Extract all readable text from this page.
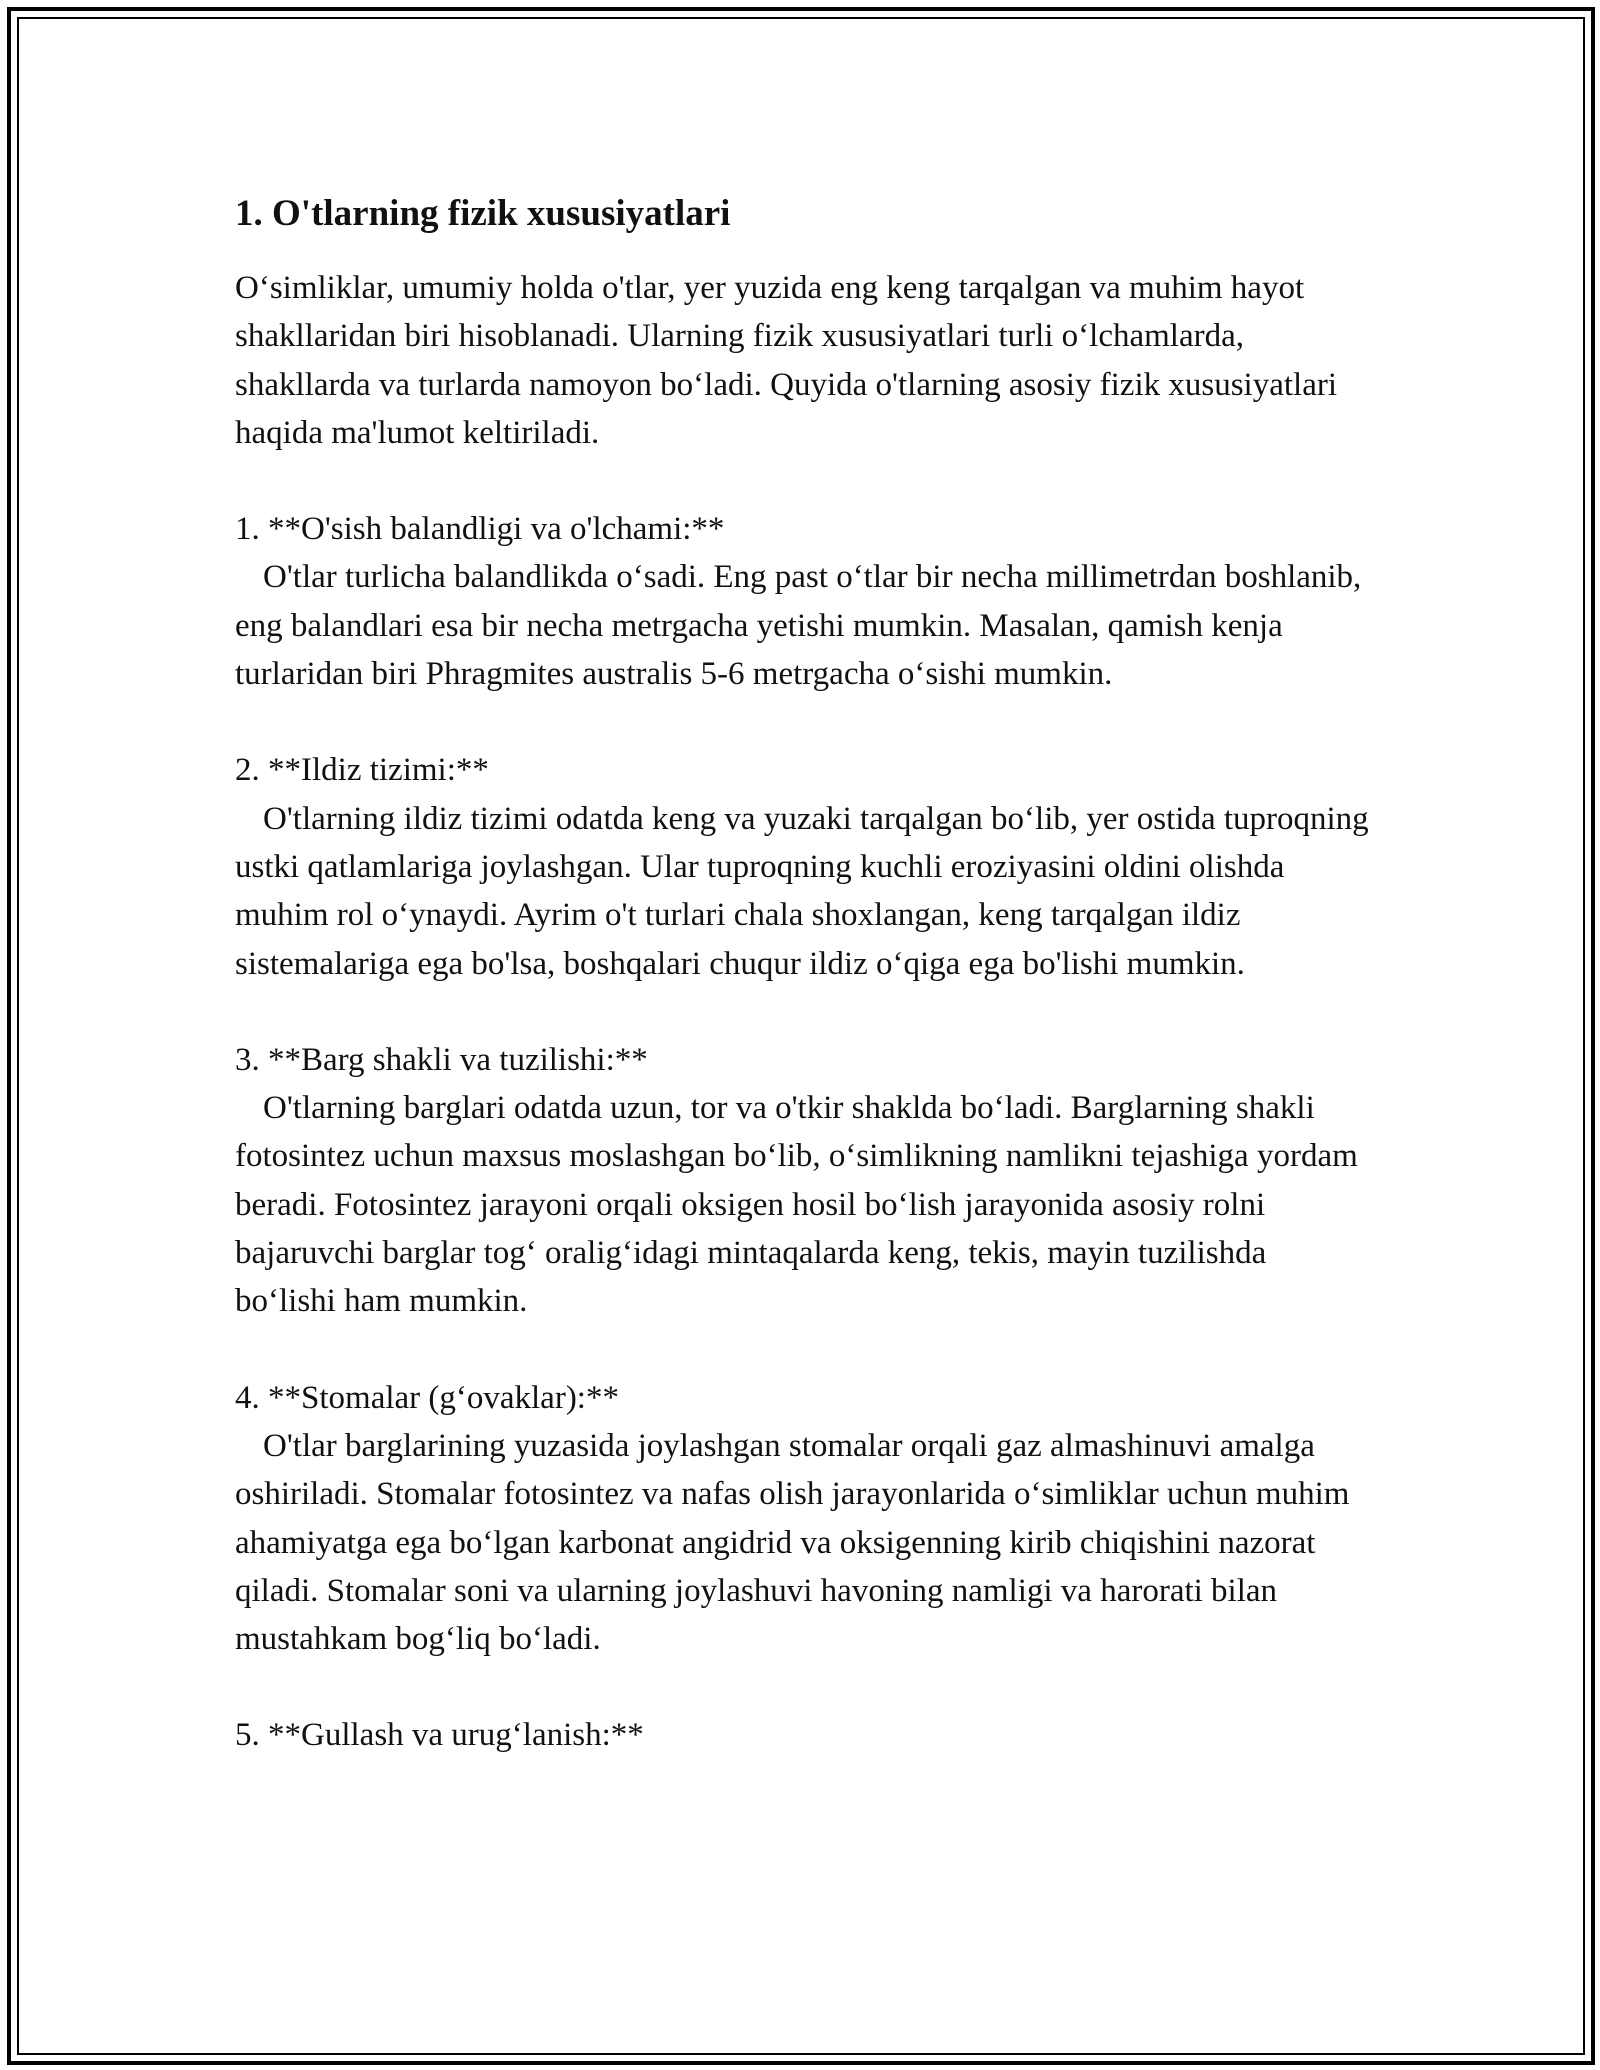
1. O'tlarning fizik xususiyatlari

O‘simliklar, umumiy holda o'tlar, yer yuzida eng keng tarqalgan va muhim hayot shakllaridan biri hisoblanadi. Ularning fizik xususiyatlari turli o‘lchamlarda, shakllarda va turlarda namoyon bo‘ladi. Quyida o'tlarning asosiy fizik xususiyatlari haqida ma'lumot keltiriladi.

1. **O'sish balandligi va o'lchami:**

O'tlar turlicha balandlikda o‘sadi. Eng past o‘tlar bir necha millimetrdan boshlanib, eng balandlari esa bir necha metrgacha yetishi mumkin. Masalan, qamish kenja turlaridan biri Phragmites australis 5-6 metrgacha o‘sishi mumkin.

2. **Ildiz tizimi:**

O'tlarning ildiz tizimi odatda keng va yuzaki tarqalgan bo‘lib, yer ostida tuproqning ustki qatlamlariga joylashgan. Ular tuproqning kuchli eroziyasini oldini olishda muhim rol o‘ynaydi. Ayrim o't turlari chala shoxlangan, keng tarqalgan ildiz sistemalariga ega bo'lsa, boshqalari chuqur ildiz o‘qiga ega bo'lishi mumkin.

3. **Barg shakli va tuzilishi:**

O'tlarning barglari odatda uzun, tor va o'tkir shaklda bo‘ladi. Barglarning shakli fotosintez uchun maxsus moslashgan bo‘lib, o‘simlikning namlikni tejashiga yordam beradi. Fotosintez jarayoni orqali oksigen hosil bo‘lish jarayonida asosiy rolni bajaruvchi barglar tog‘ oralig‘idagi mintaqalarda keng, tekis, mayin tuzilishda bo‘lishi ham mumkin.

4. **Stomalar (g‘ovaklar):**

O'tlar barglarining yuzasida joylashgan stomalar orqali gaz almashinuvi amalga oshiriladi. Stomalar fotosintez va nafas olish jarayonlarida o‘simliklar uchun muhim ahamiyatga ega bo‘lgan karbonat angidrid va oksigenning kirib chiqishini nazorat qiladi. Stomalar soni va ularning joylashuvi havoning namligi va harorati bilan mustahkam bog‘liq bo‘ladi.

5. **Gullash va urug‘lanish:**
